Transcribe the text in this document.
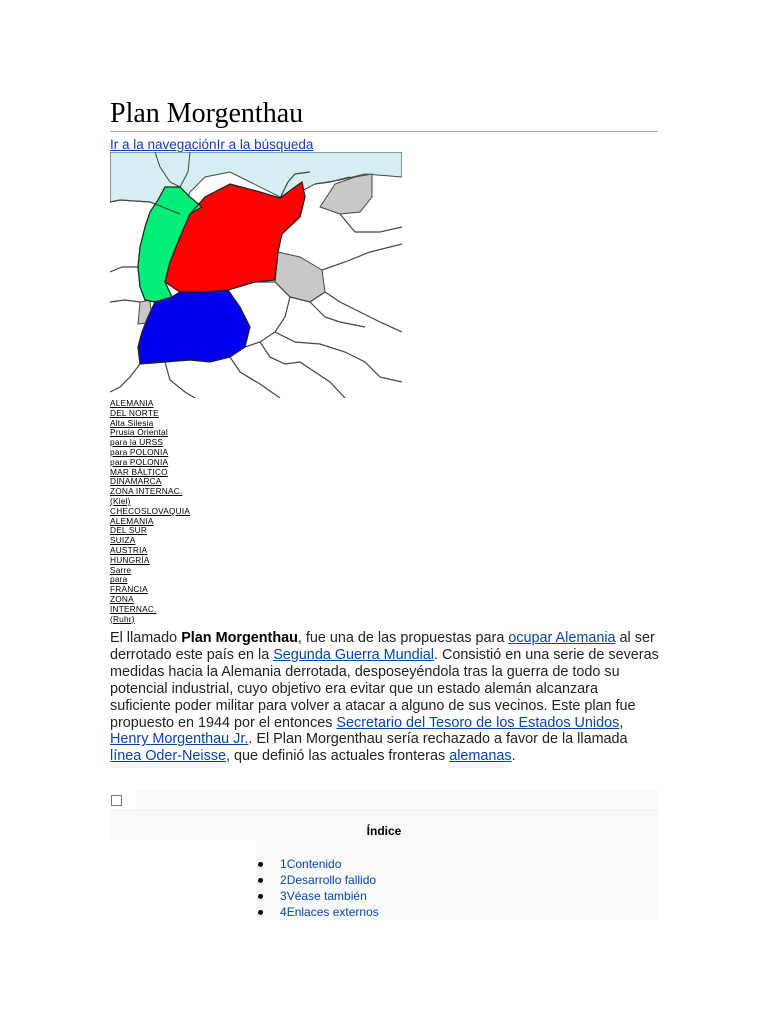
Plan Morgenthau
Ir a la navegaciónIr a la búsqueda
ALEMANIA
DEL NORTE
Alta Silesia
Prusia Oriental
para la URSS
para POLONIA
para POLONIA
MAR BÁLTICO
DINAMARCA
ZONA INTERNAC.
(Kiel)
CHECOSLOVAQUIA
ALEMANIA
DEL SUR
SUIZA
AUSTRIA
HUNGRÍA
Sarre
para
FRANCIA
ZONA
INTERNAC.
(Ruhr)

El llamado Plan Morgenthau, fue una de las propuestas para ocupar Alemania al ser derrotado este país en la Segunda Guerra Mundial. Consistió en una serie de severas medidas hacia la Alemania derrotada, desposeyéndola tras la guerra de todo su potencial industrial, cuyo objetivo era evitar que un estado alemán alcanzara suficiente poder militar para volver a atacar a alguno de sus vecinos. Este plan fue propuesto en 1944 por el entonces Secretario del Tesoro de los Estados Unidos, Henry Morgenthau Jr.. El Plan Morgenthau sería rechazado a favor de la llamada línea Oder-Neisse, que definió las actuales fronteras alemanas.

Índice
1Contenido
2Desarrollo fallido
3Véase también
4Enlaces externos
